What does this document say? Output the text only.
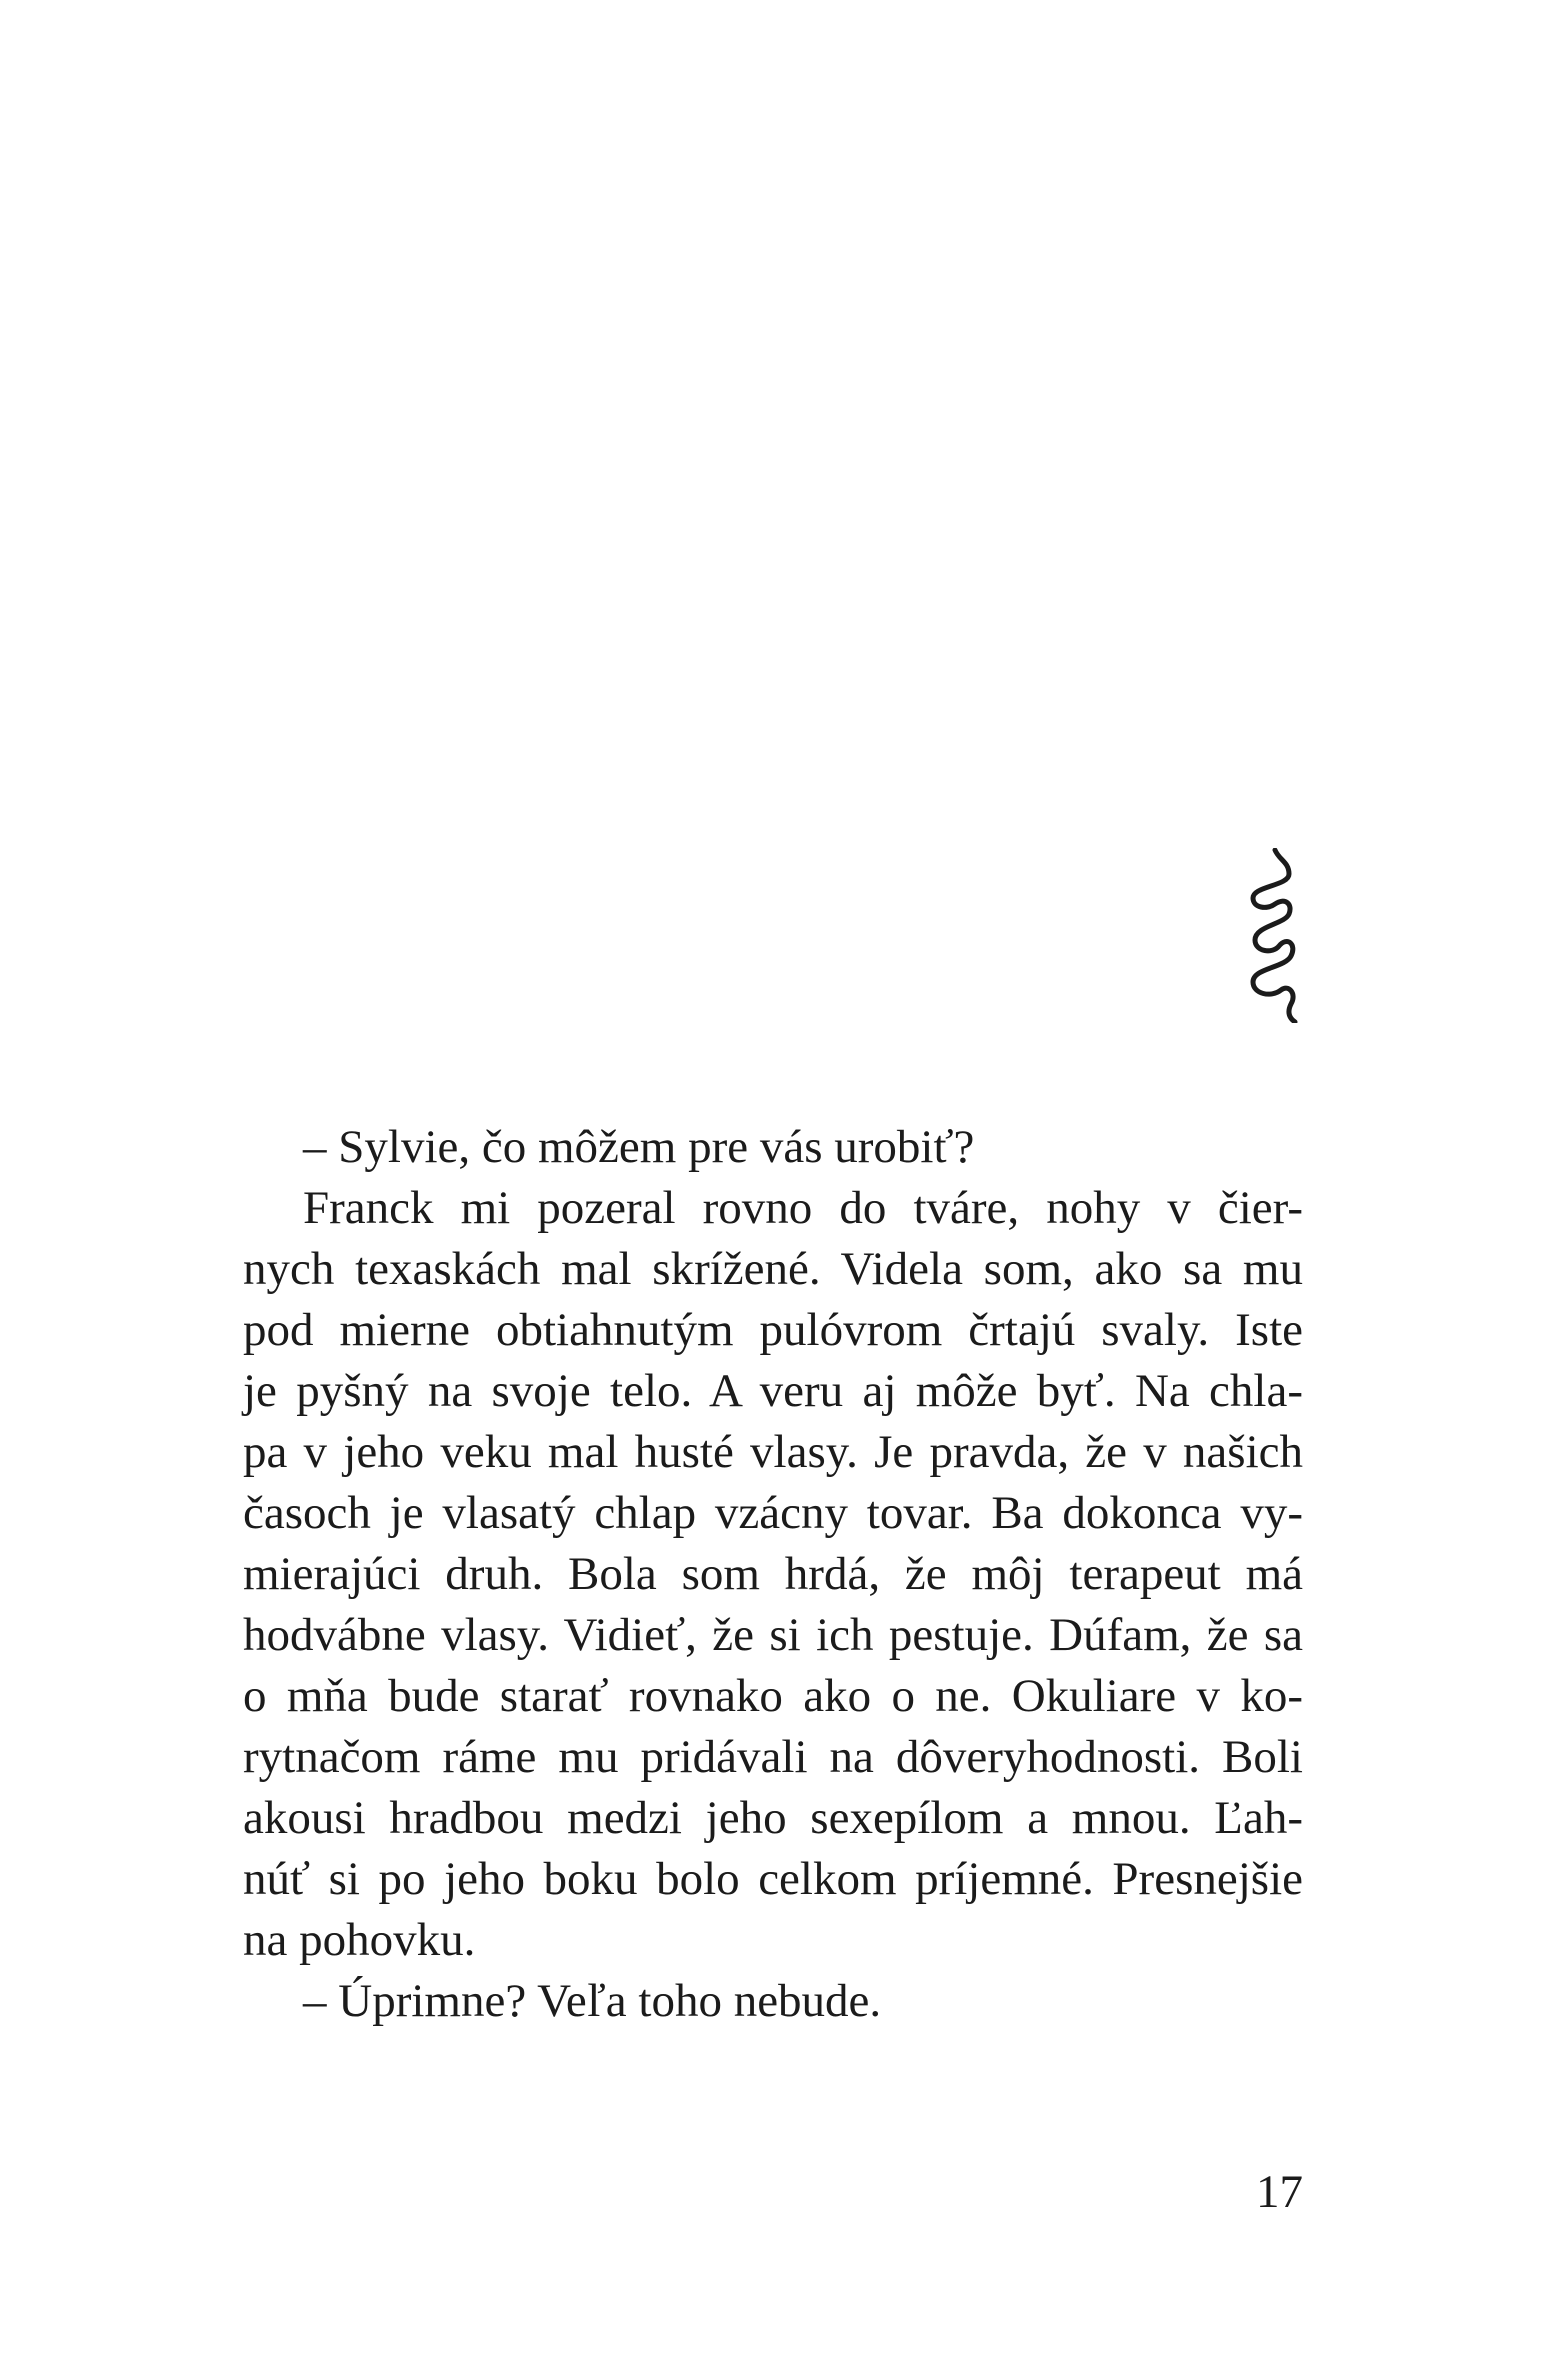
– Sylvie, čo môžem pre vás urobiť?
Franck mi pozeral rovno do tváre, nohy v čier-
nych texaskách mal skrížené. Videla som, ako sa mu
pod mierne obtiahnutým pulóvrom črtajú svaly. Iste
je pyšný na svoje telo. A veru aj môže byť. Na chla-
pa v jeho veku mal husté vlasy. Je pravda, že v našich
časoch je vlasatý chlap vzácny tovar. Ba dokonca vy-
mierajúci druh. Bola som hrdá, že môj terapeut má
hodvábne vlasy. Vidieť, že si ich pestuje. Dúfam, že sa
o mňa bude starať rovnako ako o ne. Okuliare v ko-
rytnačom ráme mu pridávali na dôveryhodnosti. Boli
akousi hradbou medzi jeho sexepílom a mnou. Ľah-
núť si po jeho boku bolo celkom príjemné. Presnejšie
na pohovku.
– Úprimne? Veľa toho nebude.
17
